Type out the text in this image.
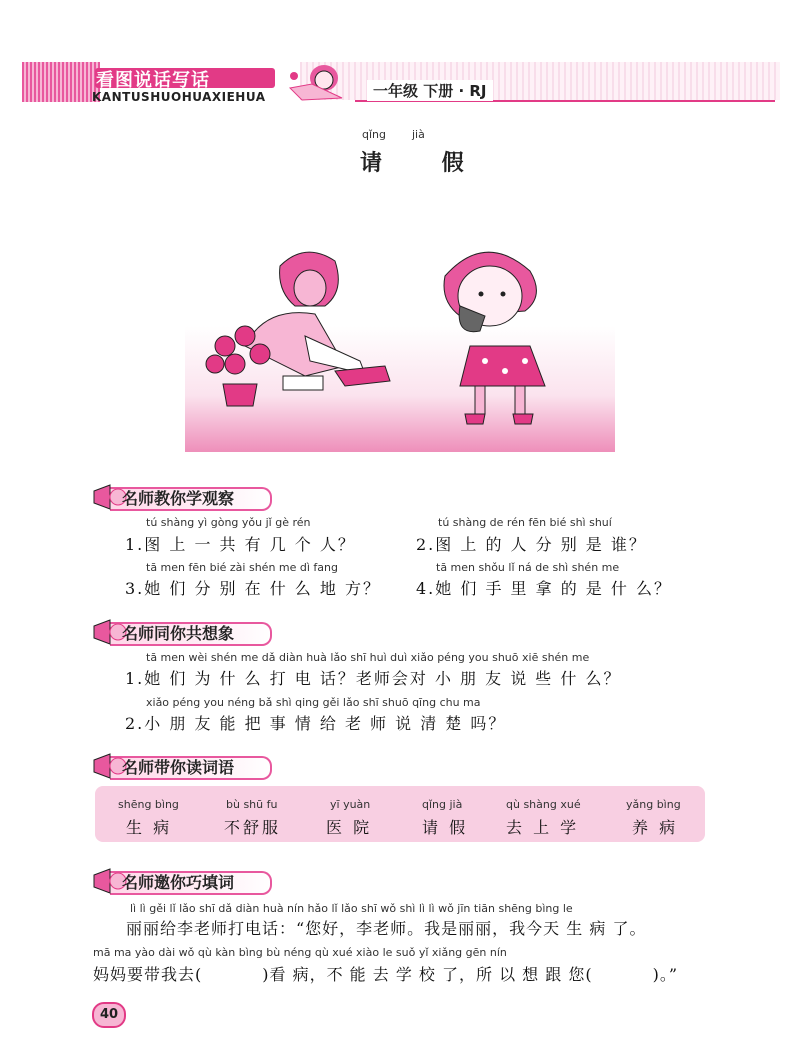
看图说话写话
KANTUSHUOHUAXIEHUA	一年级 下册 · RJ
qǐng jià
请 假
名师教你学观察
tú shàng yì gòng yǒu jǐ gè rén
1.图 上 一 共 有 几 个 人？
tú shàng de rén fēn bié shì shuí
2.图 上 的 人 分 别 是 谁？
tā men fēn bié zài shén me dì fang
3.她 们 分 别 在 什 么 地 方？
tā men shǒu lǐ ná de shì shén me
4.她 们 手 里 拿 的 是 什 么？
名师同你共想象
tā men wèi shén me dǎ diàn huà lǎo shī huì duì xiǎo péng you shuō xiē shén me
1.她 们 为 什 么 打 电 话？老师会对 小 朋 友 说 些 什 么？
xiǎo péng you néng bǎ shì qing gěi lǎo shī shuō qīng chu ma
2.小 朋 友 能 把 事 情 给 老 师 说 清 楚 吗？
名师带你读词语
shēng bìng
生 病
bù shū fu
不舒服
yī yuàn
医 院
qǐng jià
请 假
qù shàng xué
去 上 学
yǎng bìng
养 病
名师邀你巧填词
lì lì gěi lǐ lǎo shī dǎ diàn huà nín hǎo lǐ lǎo shī wǒ shì lì lì wǒ jīn tiān shēng bìng le
丽丽给李老师打电话：“您好，李老师。我是丽丽，我今天 生 病 了。
mā ma yào dài wǒ qù kàn bìng bù néng qù xué xiào le suǒ yǐ xiǎng gēn nín
妈妈要带我去(	)看 病，不 能 去 学 校 了，所 以 想 跟 您(	)。”
40
